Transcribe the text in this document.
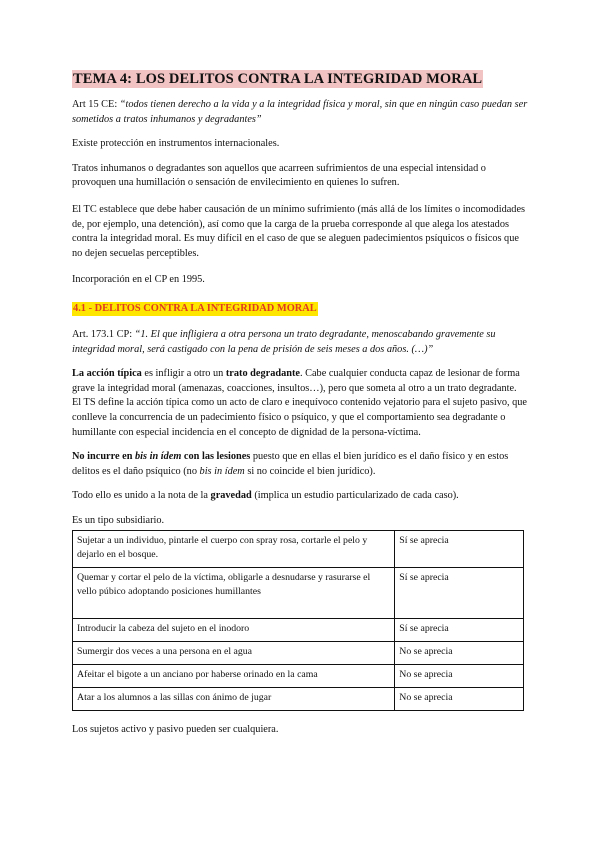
TEMA 4: LOS DELITOS CONTRA LA INTEGRIDAD MORAL

Art 15 CE: “todos tienen derecho a la vida y a la integridad física y moral, sin que en ningún caso puedan ser sometidos a tratos inhumanos y degradantes”

Existe protección en instrumentos internacionales.

Tratos inhumanos o degradantes son aquellos que acarreen sufrimientos de una especial intensidad o provoquen una humillación o sensación de envilecimiento en quienes lo sufren.

El TC establece que debe haber causación de un mínimo sufrimiento (más allá de los límites o incomodidades de, por ejemplo, una detención), así como que la carga de la prueba corresponde al que alega los atestados contra la integridad moral. Es muy difícil en el caso de que se aleguen padecimientos psíquicos o físicos que no dejen secuelas perceptibles.

Incorporación en el CP en 1995.

4.1 - DELITOS CONTRA LA INTEGRIDAD MORAL

Art. 173.1 CP: “1. El que infligiera a otra persona un trato degradante, menoscabando gravemente su integridad moral, será castigado con la pena de prisión de seis meses a dos años. (…)”

La acción típica es infligir a otro un trato degradante. Cabe cualquier conducta capaz de lesionar de forma grave la integridad moral (amenazas, coacciones, insultos…), pero que someta al otro a un trato degradante. El TS define la acción típica como un acto de claro e inequívoco contenido vejatorio para el sujeto pasivo, que conlleve la concurrencia de un padecimiento físico o psíquico, y que el comportamiento sea degradante o humillante con especial incidencia en el concepto de dignidad de la persona-víctima.

No incurre en bis in ídem con las lesiones puesto que en ellas el bien jurídico es el daño físico y en estos delitos es el daño psíquico (no bis in ídem si no coincide el bien jurídico).

Todo ello es unido a la nota de la gravedad (implica un estudio particularizado de cada caso).

Es un tipo subsidiario.

Sujetar a un individuo, pintarle el cuerpo con spray rosa, cortarle el pelo y dejarlo en el bosque.	Sí se aprecia
Quemar y cortar el pelo de la víctima, obligarle a desnudarse y rasurarse el vello púbico adoptando posiciones humillantes	Sí se aprecia
Introducir la cabeza del sujeto en el inodoro	Sí se aprecia
Sumergir dos veces a una persona en el agua	No se aprecia
Afeitar el bigote a un anciano por haberse orinado en la cama	No se aprecia
Atar a los alumnos a las sillas con ánimo de jugar	No se aprecia

Los sujetos activo y pasivo pueden ser cualquiera.
